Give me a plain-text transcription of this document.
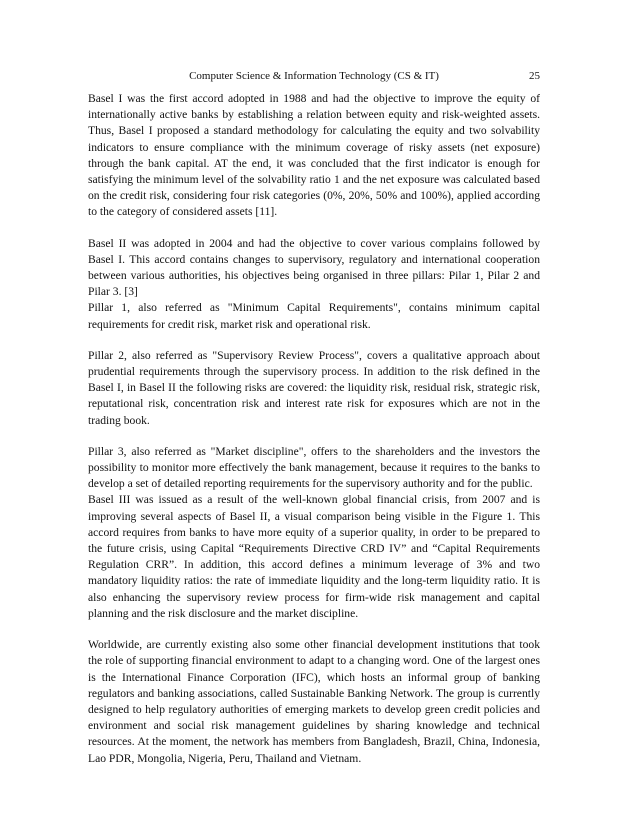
Computer Science & Information Technology (CS & IT)	25

Basel I was the first accord adopted in 1988 and had the objective to improve the equity of internationally active banks by establishing a relation between equity and risk-weighted assets. Thus, Basel I proposed a standard methodology for calculating the equity and two solvability indicators to ensure compliance with the minimum coverage of risky assets (net exposure) through the bank capital. AT the end, it was concluded that the first indicator is enough for satisfying the minimum level of the solvability ratio 1 and the net exposure was calculated based on the credit risk, considering four risk categories (0%, 20%, 50% and 100%), applied according to the category of considered assets [11].

Basel II was adopted in 2004 and had the objective to cover various complains followed by Basel I. This accord contains changes to supervisory, regulatory and international cooperation between various authorities, his objectives being organised in three pillars: Pilar 1, Pilar 2 and Pilar 3. [3]

Pillar 1, also referred as "Minimum Capital Requirements", contains minimum capital requirements for credit risk, market risk and operational risk.

Pillar 2, also referred as "Supervisory Review Process", covers a qualitative approach about prudential requirements through the supervisory process. In addition to the risk defined in the Basel I, in Basel II the following risks are covered: the liquidity risk, residual risk, strategic risk, reputational risk, concentration risk and interest rate risk for exposures which are not in the trading book.

Pillar 3, also referred as "Market discipline", offers to the shareholders and the investors the possibility to monitor more effectively the bank management, because it requires to the banks to develop a set of detailed reporting requirements for the supervisory authority and for the public.

Basel III was issued as a result of the well-known global financial crisis, from 2007 and is improving several aspects of Basel II, a visual comparison being visible in the Figure 1. This accord requires from banks to have more equity of a superior quality, in order to be prepared to the future crisis, using Capital “Requirements Directive CRD IV” and “Capital Requirements Regulation CRR”. In addition, this accord defines a minimum leverage of 3% and two mandatory liquidity ratios: the rate of immediate liquidity and the long-term liquidity ratio. It is also enhancing the supervisory review process for firm-wide risk management and capital planning and the risk disclosure and the market discipline.

Worldwide, are currently existing also some other financial development institutions that took the role of supporting financial environment to adapt to a changing word. One of the largest ones is the International Finance Corporation (IFC), which hosts an informal group of banking regulators and banking associations, called Sustainable Banking Network. The group is currently designed to help regulatory authorities of emerging markets to develop green credit policies and environment and social risk management guidelines by sharing knowledge and technical resources. At the moment, the network has members from Bangladesh, Brazil, China, Indonesia, Lao PDR, Mongolia, Nigeria, Peru, Thailand and Vietnam.
